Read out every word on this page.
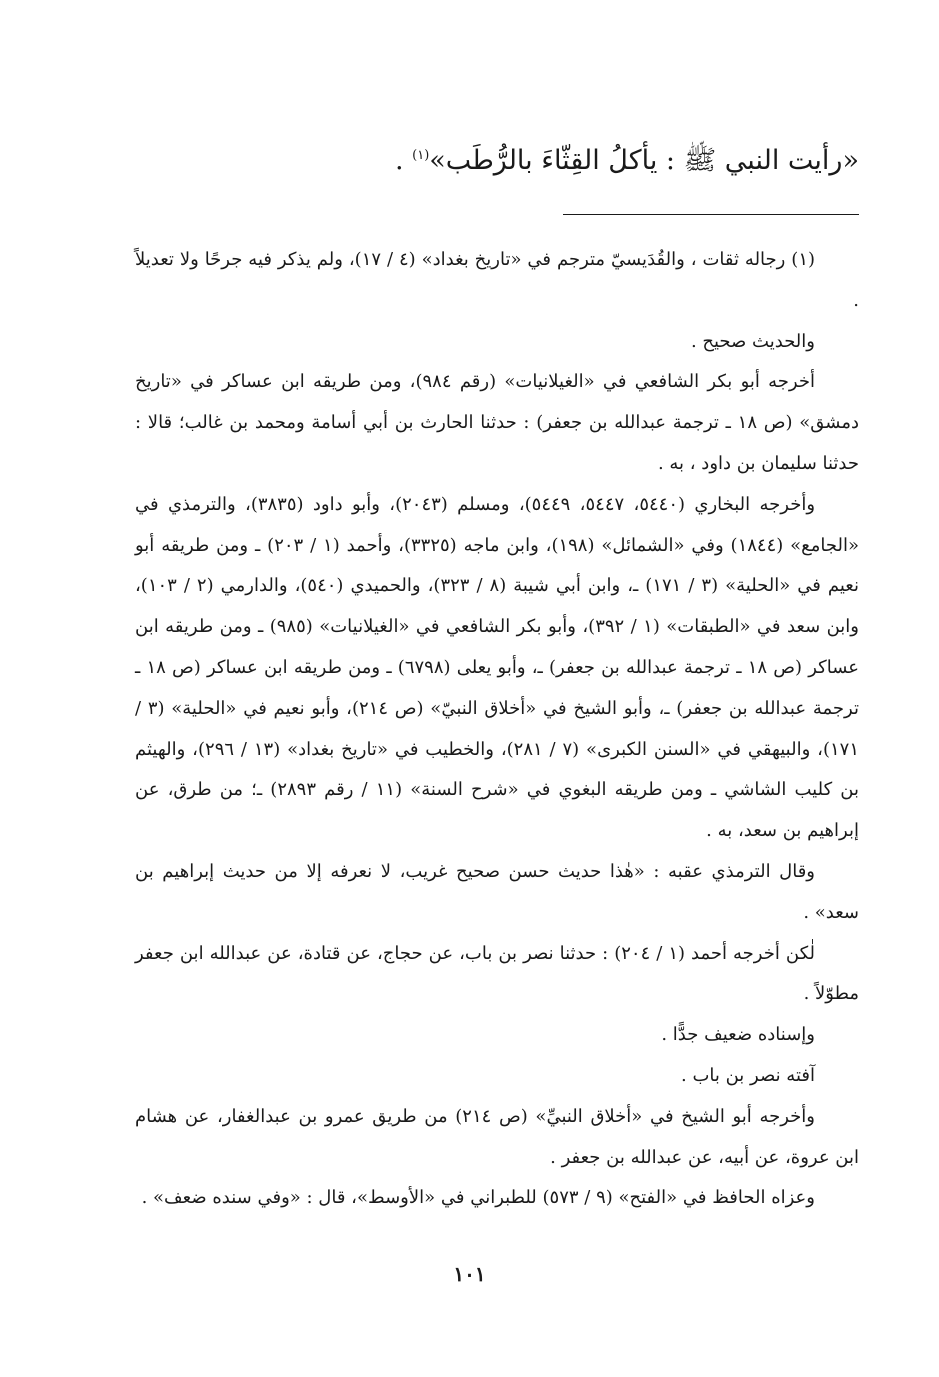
«رأيت النبي ﷺ : يأكلُ القِثّاءَ بالرُّطَب»$^{(١)}$ .

(١) رجاله ثقات ، والقُدَيسيّ مترجم في «تاريخ بغداد» (٤ / ١٧)، ولم يذكر فيه جرحًا ولا تعديلاً .

والحديث صحيح .

أخرجه أبو بكر الشافعي في «الغيلانيات» (رقم ٩٨٤)، ومن طريقه ابن عساكر في «تاريخ دمشق» (ص ١٨ ـ ترجمة عبدالله بن جعفر) : حدثنا الحارث بن أبي أسامة ومحمد بن غالب؛ قالا : حدثنا سليمان بن داود ، به .

وأخرجه البخاري (٥٤٤٠، ٥٤٤٧، ٥٤٤٩)، ومسلم (٢٠٤٣)، وأبو داود (٣٨٣٥)، والترمذي في «الجامع» (١٨٤٤) وفي «الشمائل» (١٩٨)، وابن ماجه (٣٣٢٥)، وأحمد (١ / ٢٠٣) ـ ومن طريقه أبو نعيم في «الحلية» (٣ / ١٧١) ـ، وابن أبي شيبة (٨ / ٣٢٣)، والحميدي (٥٤٠)، والدارمي (٢ / ١٠٣)، وابن سعد في «الطبقات» (١ / ٣٩٢)، وأبو بكر الشافعي في «الغيلانيات» (٩٨٥) ـ ومن طريقه ابن عساكر (ص ١٨ ـ ترجمة عبدالله بن جعفر) ـ، وأبو يعلى (٦٧٩٨) ـ ومن طريقه ابن عساكر (ص ١٨ ـ ترجمة عبدالله بن جعفر) ـ، وأبو الشيخ في «أخلاق النبيّ» (ص ٢١٤)، وأبو نعيم في «الحلية» (٣ / ١٧١)، والبيهقي في «السنن الكبرى» (٧ / ٢٨١)، والخطيب في «تاريخ بغداد» (١٣ / ٢٩٦)، والهيثم بن كليب الشاشي ـ ومن طريقه البغوي في «شرح السنة» (١١ / رقم ٢٨٩٣) ـ؛ من طرق، عن إبراهيم بن سعد، به .

وقال الترمذي عقبه : «هٰذا حديث حسن صحيح غريب، لا نعرفه إلا من حديث إبراهيم بن سعد» .

لٰكن أخرجه أحمد (١ / ٢٠٤) : حدثنا نصر بن باب، عن حجاج، عن قتادة، عن عبدالله ابن جعفر مطوّلاً .

وإسناده ضعيف جدًّا .

آفته نصر بن باب .

وأخرجه أبو الشيخ في «أخلاق النبيِّ» (ص ٢١٤) من طريق عمرو بن عبدالغفار، عن هشام ابن عروة، عن أبيه، عن عبدالله بن جعفر .

وعزاه الحافظ في «الفتح» (٩ / ٥٧٣) للطبراني في «الأوسط»، قال : «وفي سنده ضعف» .

١٠١
